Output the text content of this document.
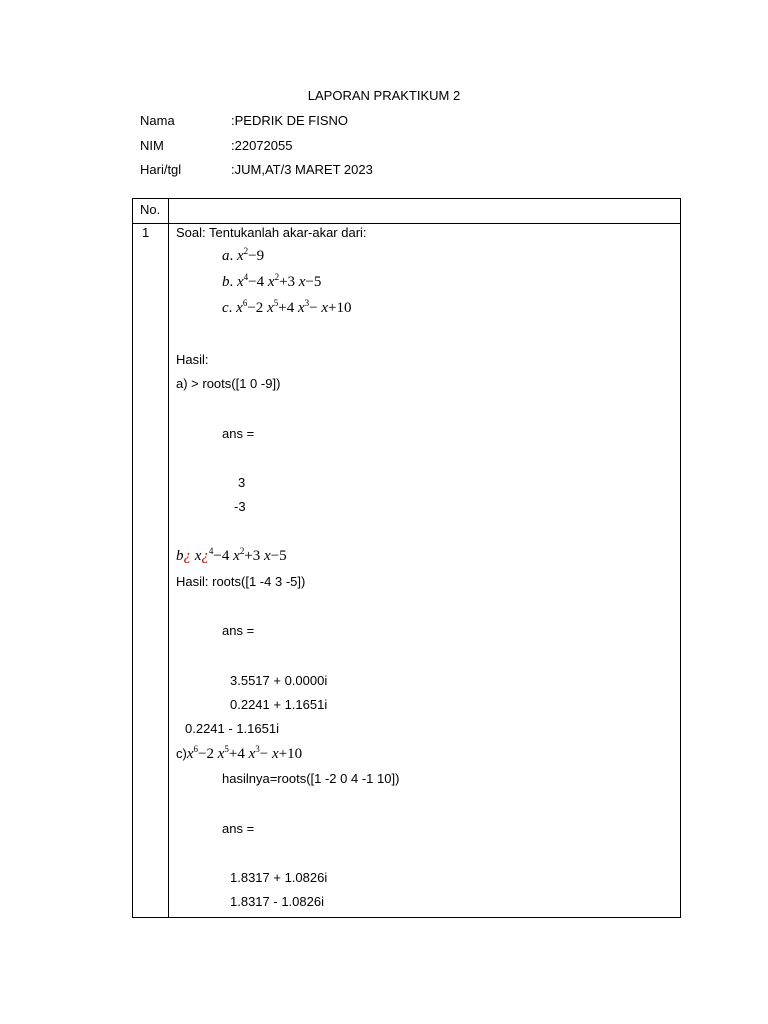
LAPORAN PRAKTIKUM 2
Nama	:PEDRIK DE FISNO
NIM	:22072055
Hari/tgl	:JUM,AT/3 MARET 2023
No.
1 Soal: Tentukanlah akar-akar dari:
a. $x^2-9$
b. $x^4-4$ $x^2+3$ x−5
c. $x^6-2$ $x^5+4$ $x^3- x+10$
Hasil:
a) > roots([1 0 -9])
ans =
3
-3
b¿ x¿$^4$−4 $x^2+3$ x−5
Hasil: roots([1 -4 3 -5])
ans =
3.5517 + 0.0000i
0.2241 + 1.1651i
0.2241 - 1.1651i
$c)x^6-2$ $x^5+4$ $x^3- x+10$
hasilnya=roots([1 -2 0 4 -1 10])
ans =
1.8317 + 1.0826i
1.8317 - 1.0826i
